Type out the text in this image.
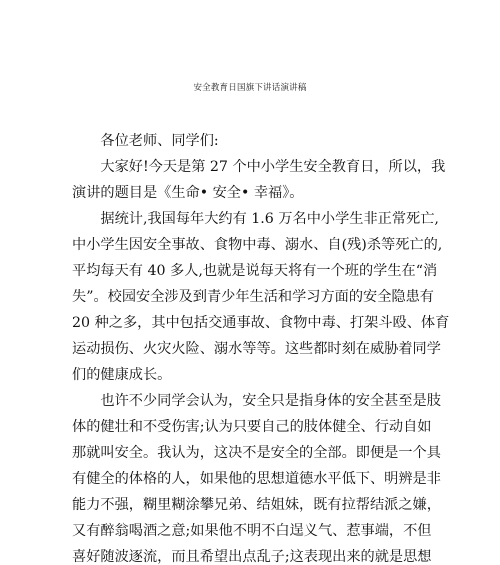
安全教育日国旗下讲话演讲稿
　　各位老师、同学们:
　　大家好!今天是第 27 个中小学生安全教育日，所以，我
演讲的题目是《生命• 安全• 幸福》。
　　据统计,我国每年大约有 1.6 万名中小学生非正常死亡,
中小学生因安全事故、食物中毒、溺水、自(残)杀等死亡的,
平均每天有 40 多人,也就是说每天将有一个班的学生在“消
失”。校园安全涉及到青少年生活和学习方面的安全隐患有
20 种之多，其中包括交通事故、食物中毒、打架斗殴、体育
运动损伤、火灾火险、溺水等等。这些都时刻在威胁着同学
们的健康成长。
　　也许不少同学会认为，安全只是指身体的安全甚至是肢
体的健壮和不受伤害;认为只要自己的肢体健全、行动自如
那就叫安全。我认为，这决不是安全的全部。即便是一个具
有健全的体格的人，如果他的思想道德水平低下、明辨是非
能力不强，糊里糊涂攀兄弟、结姐妹，既有拉帮结派之嫌，
又有醉翁喝酒之意;如果他不明不白逞义气、惹事端，不但
喜好随波逐流，而且希望出点乱子;这表现出来的就是思想
